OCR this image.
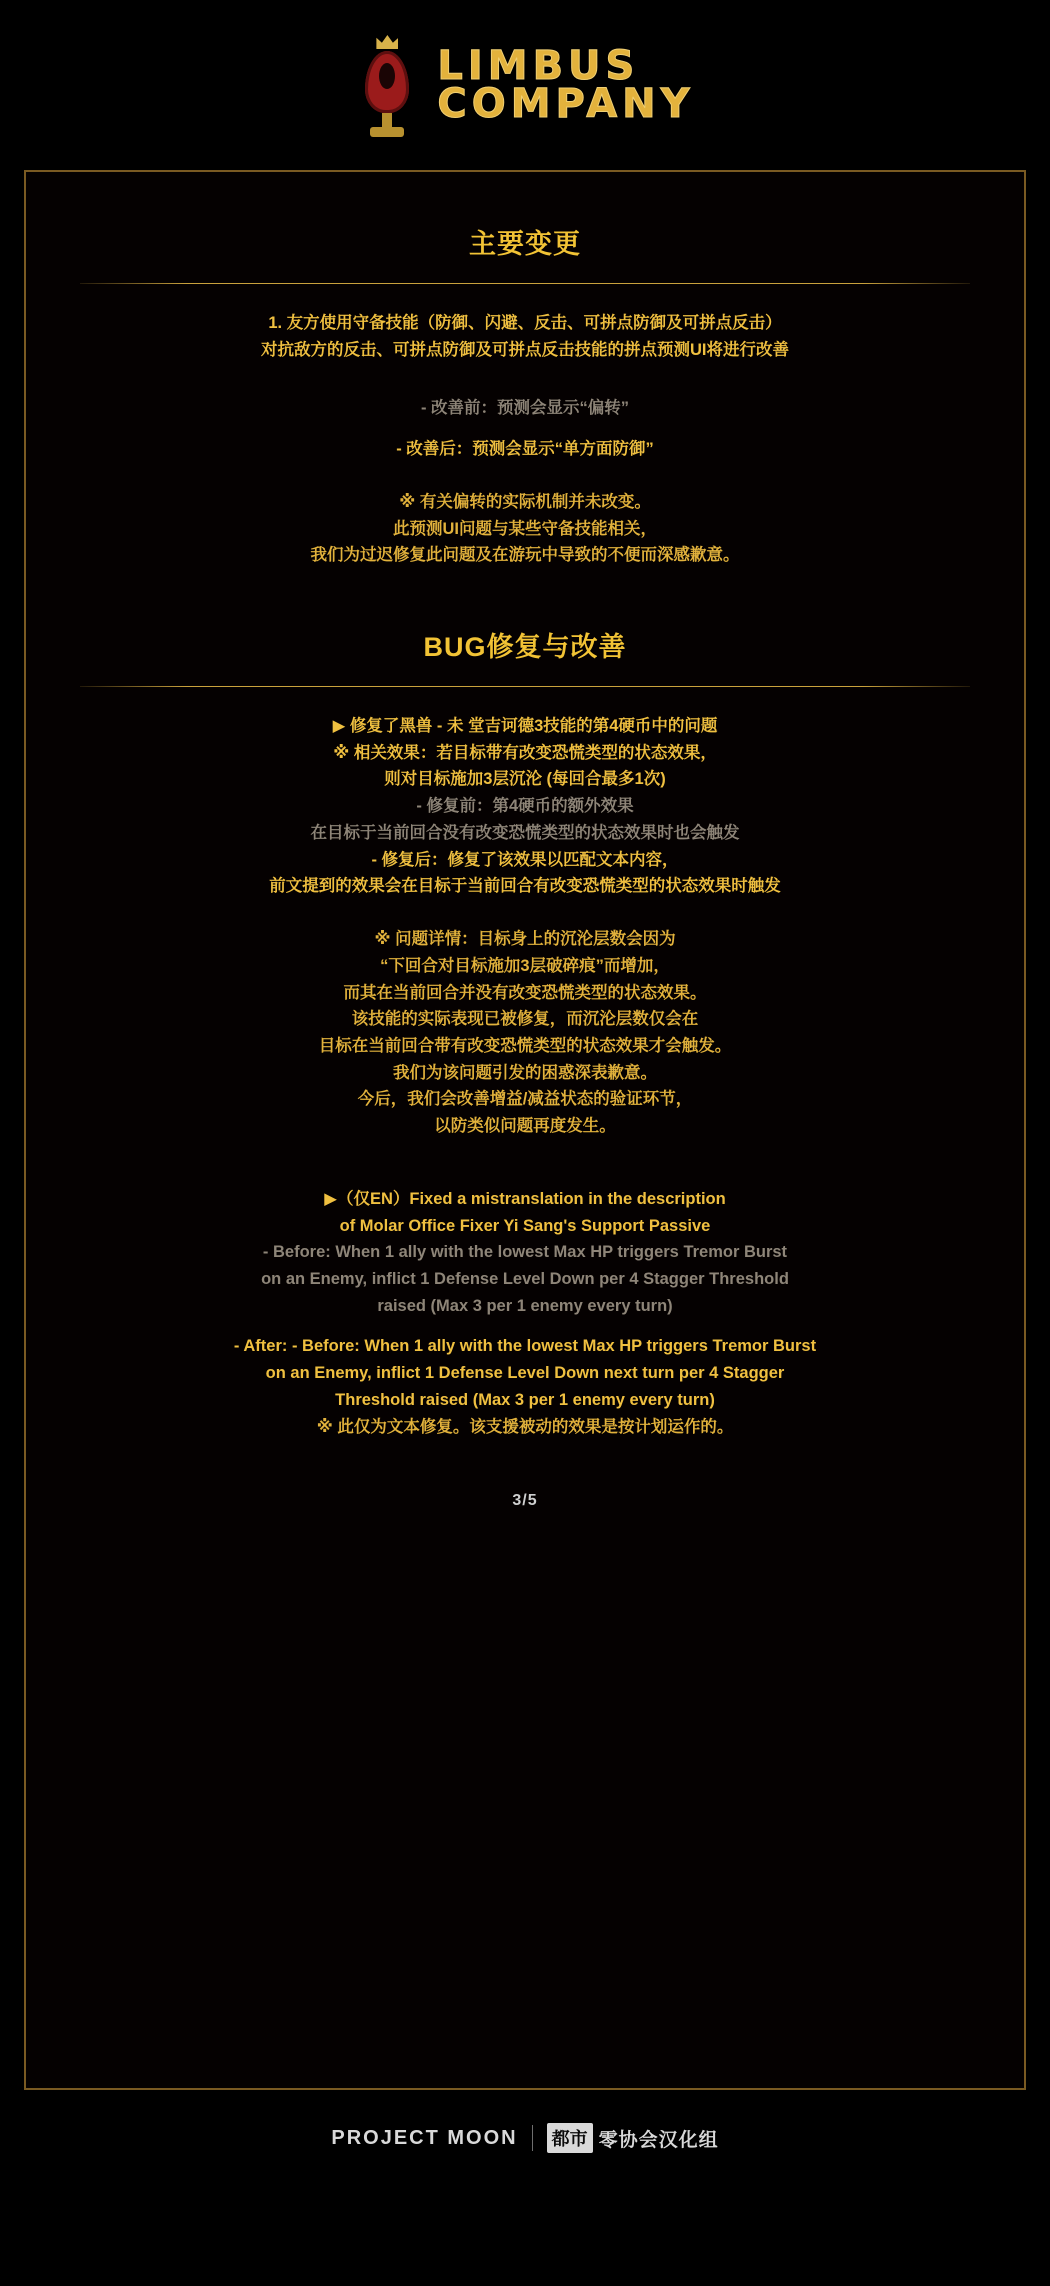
LIMBUS
COMPANY
主要变更

1. 友方使用守备技能（防御、闪避、反击、可拼点防御及可拼点反击）

对抗敌方的反击、可拼点防御及可拼点反击技能的拼点预测UI将进行改善

- 改善前：预测会显示“偏转”

- 改善后：预测会显示“单方面防御”

※ 有关偏转的实际机制并未改变。

此预测UI问题与某些守备技能相关，

我们为过迟修复此问题及在游玩中导致的不便而深感歉意。

BUG修复与改善

▶ 修复了黑兽 - 未 堂吉诃德3技能的第4硬币中的问题

※ 相关效果：若目标带有改变恐慌类型的状态效果，

则对目标施加3层沉沦 (每回合最多1次)

- 修复前：第4硬币的额外效果

在目标于当前回合没有改变恐慌类型的状态效果时也会触发

- 修复后：修复了该效果以匹配文本内容，

前文提到的效果会在目标于当前回合有改变恐慌类型的状态效果时触发

※ 问题详情：目标身上的沉沦层数会因为

“下回合对目标施加3层破碎痕”而增加，

而其在当前回合并没有改变恐慌类型的状态效果。

该技能的实际表现已被修复，而沉沦层数仅会在

目标在当前回合带有改变恐慌类型的状态效果才会触发。

我们为该问题引发的困惑深表歉意。

今后，我们会改善增益/减益状态的验证环节，

以防类似问题再度发生。

▶（仅EN）Fixed a mistranslation in the description

of Molar Office Fixer Yi Sang's Support Passive

- Before: When 1 ally with the lowest Max HP triggers Tremor Burst

on an Enemy, inflict 1 Defense Level Down per 4 Stagger Threshold

raised (Max 3 per 1 enemy every turn)

- After: - Before: When 1 ally with the lowest Max HP triggers Tremor Burst

on an Enemy, inflict 1 Defense Level Down next turn per 4 Stagger

Threshold raised (Max 3 per 1 enemy every turn)

※ 此仅为文本修复。该支援被动的效果是按计划运作的。

3/5
PROJECT MOON 都市 零协会汉化组
